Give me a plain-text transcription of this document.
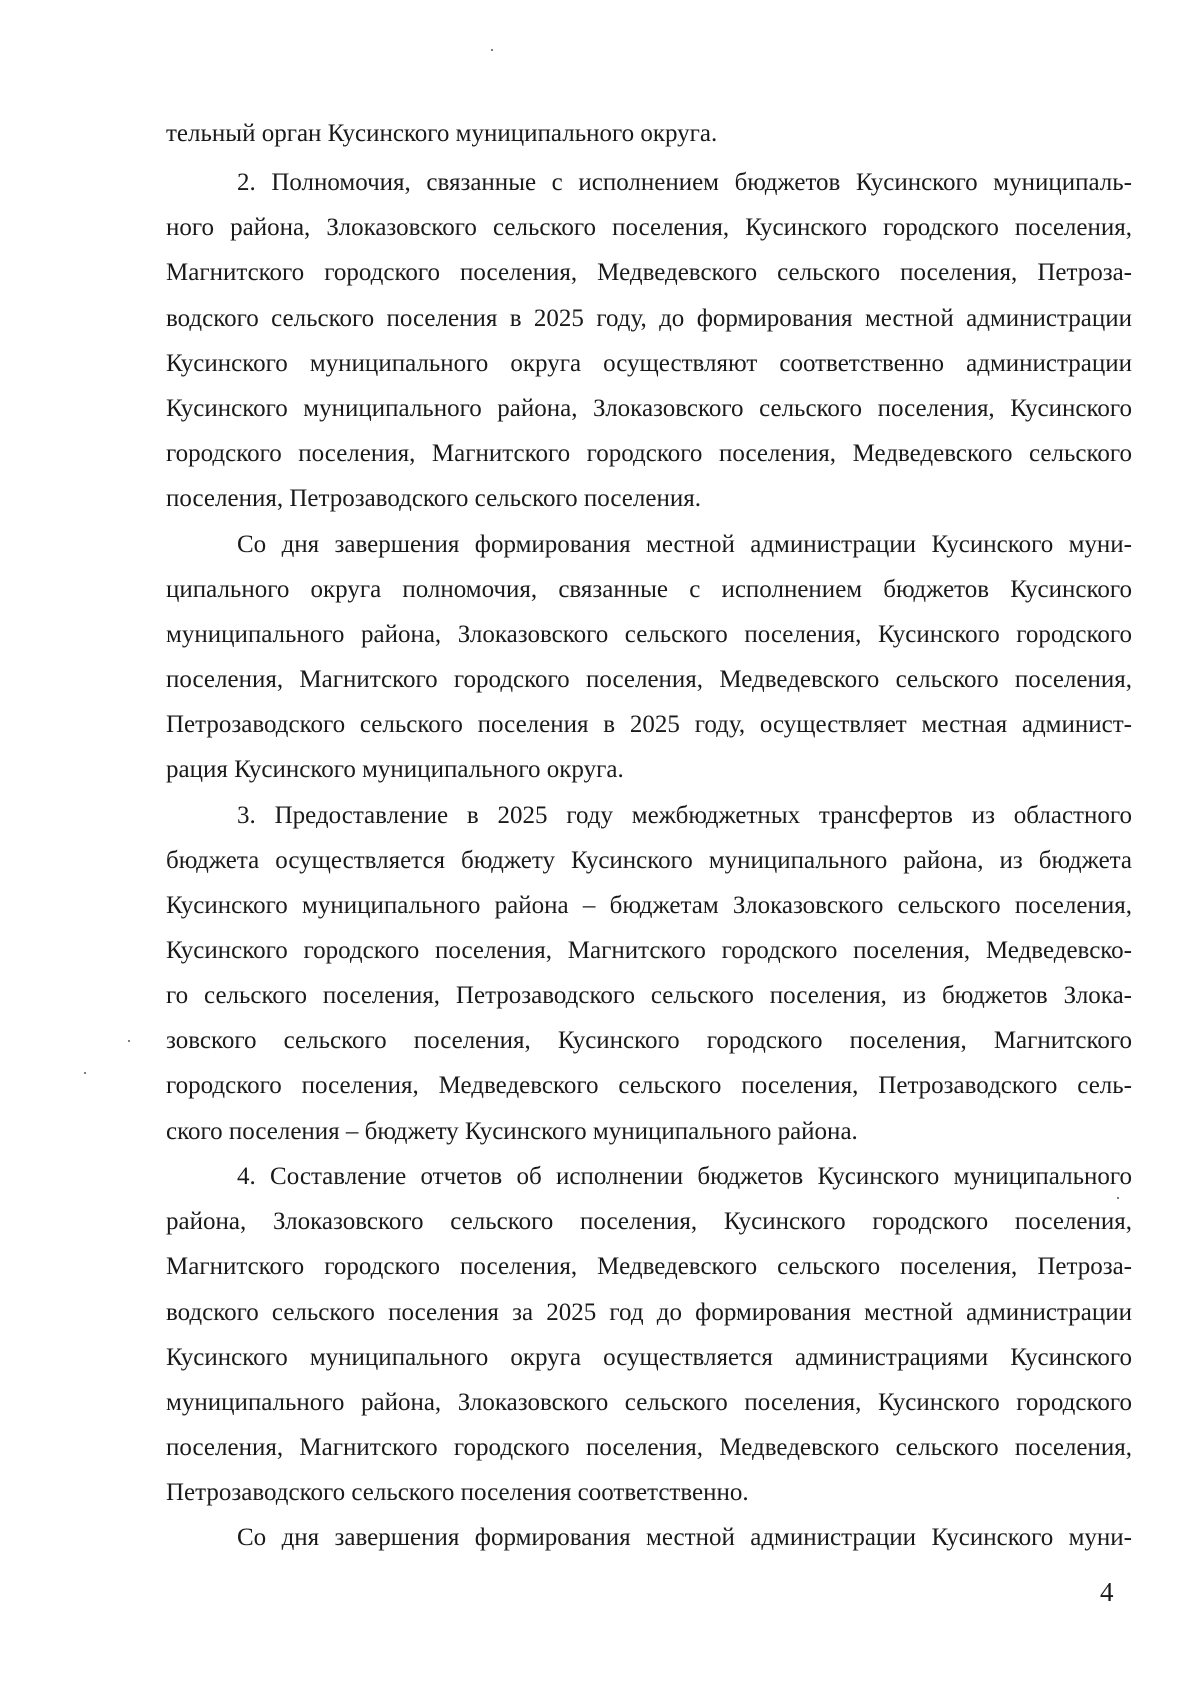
тельный орган Кусинского муниципального округа.
2. Полномочия, связанные с исполнением бюджетов Кусинского муниципаль-
ного района, Злоказовского сельского поселения, Кусинского городского поселения,
Магнитского городского поселения, Медведевского сельского поселения, Петроза-
водского сельского поселения в 2025 году, до формирования местной администрации
Кусинского муниципального округа осуществляют соответственно администрации
Кусинского муниципального района, Злоказовского сельского поселения, Кусинского
городского поселения, Магнитского городского поселения, Медведевского сельского
поселения, Петрозаводского сельского поселения.
Со дня завершения формирования местной администрации Кусинского муни-
ципального округа полномочия, связанные с исполнением бюджетов Кусинского
муниципального района, Злоказовского сельского поселения, Кусинского городского
поселения, Магнитского городского поселения, Медведевского сельского поселения,
Петрозаводского сельского поселения в 2025 году, осуществляет местная админист-
рация Кусинского муниципального округа.
3. Предоставление в 2025 году межбюджетных трансфертов из областного
бюджета осуществляется бюджету Кусинского муниципального района, из бюджета
Кусинского муниципального района – бюджетам Злоказовского сельского поселения,
Кусинского городского поселения, Магнитского городского поселения, Медведевско-
го сельского поселения, Петрозаводского сельского поселения, из бюджетов Злока-
зовского сельского поселения, Кусинского городского поселения, Магнитского
городского поселения, Медведевского сельского поселения, Петрозаводского сель-
ского поселения – бюджету Кусинского муниципального района.
4. Составление отчетов об исполнении бюджетов Кусинского муниципального
района, Злоказовского сельского поселения, Кусинского городского поселения,
Магнитского городского поселения, Медведевского сельского поселения, Петроза-
водского сельского поселения за 2025 год до формирования местной администрации
Кусинского муниципального округа осуществляется администрациями Кусинского
муниципального района, Злоказовского сельского поселения, Кусинского городского
поселения, Магнитского городского поселения, Медведевского сельского поселения,
Петрозаводского сельского поселения соответственно.
Со дня завершения формирования местной администрации Кусинского муни-
4
